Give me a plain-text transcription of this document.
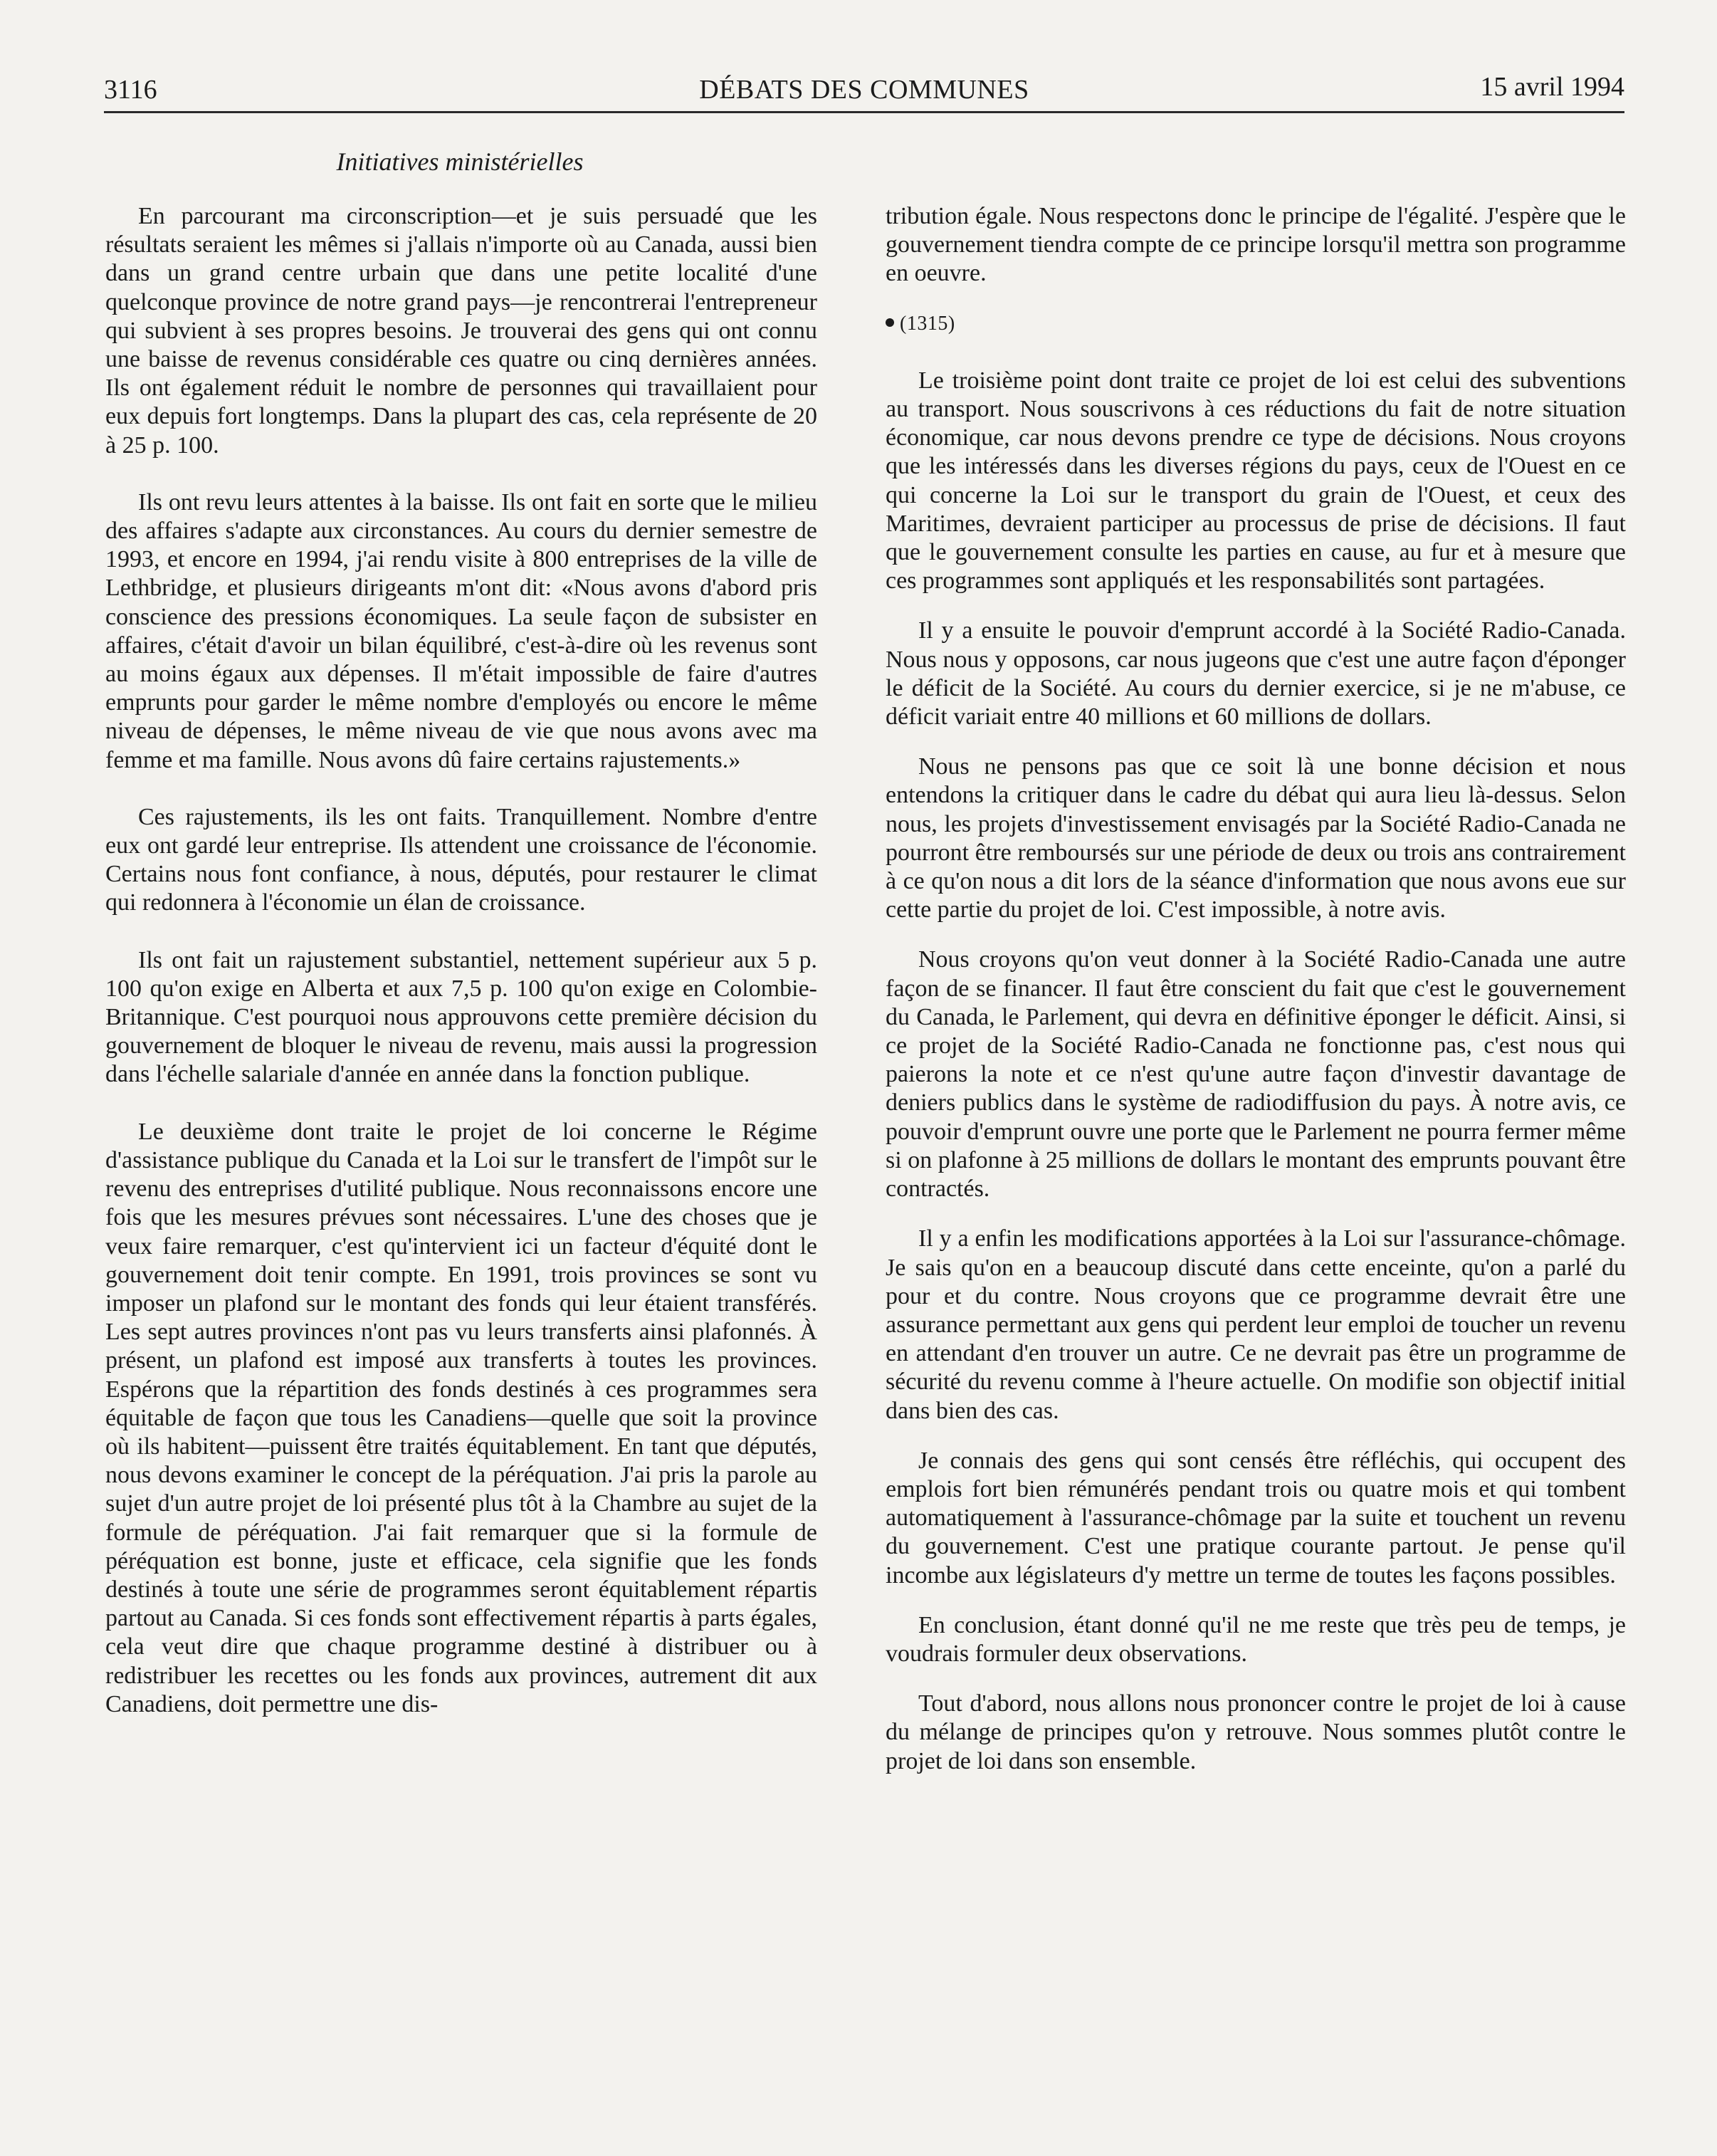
3116	DÉBATS DES COMMUNES	15 avril 1994
Initiatives ministérielles

En parcourant ma circonscription—et je suis persuadé que les résultats seraient les mêmes si j'allais n'importe où au Canada, aussi bien dans un grand centre urbain que dans une petite localité d'une quelconque province de notre grand pays—je rencontrerai l'entrepreneur qui subvient à ses propres besoins. Je trouverai des gens qui ont connu une baisse de revenus considérable ces quatre ou cinq dernières années. Ils ont également réduit le nombre de personnes qui travaillaient pour eux depuis fort longtemps. Dans la plupart des cas, cela représente de 20 à 25 p. 100.

Ils ont revu leurs attentes à la baisse. Ils ont fait en sorte que le milieu des affaires s'adapte aux circonstances. Au cours du dernier semestre de 1993, et encore en 1994, j'ai rendu visite à 800 entreprises de la ville de Lethbridge, et plusieurs dirigeants m'ont dit: «Nous avons d'abord pris conscience des pressions économiques. La seule façon de subsister en affaires, c'était d'avoir un bilan équilibré, c'est-à-dire où les revenus sont au moins égaux aux dépenses. Il m'était impossible de faire d'autres emprunts pour garder le même nombre d'employés ou encore le même niveau de dépenses, le même niveau de vie que nous avons avec ma femme et ma famille. Nous avons dû faire certains rajustements.»

Ces rajustements, ils les ont faits. Tranquillement. Nombre d'entre eux ont gardé leur entreprise. Ils attendent une croissance de l'économie. Certains nous font confiance, à nous, députés, pour restaurer le climat qui redonnera à l'économie un élan de croissance.

Ils ont fait un rajustement substantiel, nettement supérieur aux 5 p. 100 qu'on exige en Alberta et aux 7,5 p. 100 qu'on exige en Colombie-Britannique. C'est pourquoi nous approuvons cette première décision du gouvernement de bloquer le niveau de revenu, mais aussi la progression dans l'échelle salariale d'année en année dans la fonction publique.

Le deuxième dont traite le projet de loi concerne le Régime d'assistance publique du Canada et la Loi sur le transfert de l'impôt sur le revenu des entreprises d'utilité publique. Nous reconnaissons encore une fois que les mesures prévues sont nécessaires. L'une des choses que je veux faire remarquer, c'est qu'intervient ici un facteur d'équité dont le gouvernement doit tenir compte. En 1991, trois provinces se sont vu imposer un plafond sur le montant des fonds qui leur étaient transférés. Les sept autres provinces n'ont pas vu leurs transferts ainsi plafonnés. À présent, un plafond est imposé aux transferts à toutes les provinces. Espérons que la répartition des fonds destinés à ces programmes sera équitable de façon que tous les Canadiens—quelle que soit la province où ils habitent—puissent être traités équitablement. En tant que députés, nous devons examiner le concept de la péréquation. J'ai pris la parole au sujet d'un autre projet de loi présenté plus tôt à la Chambre au sujet de la formule de péréquation. J'ai fait remarquer que si la formule de péréquation est bonne, juste et efficace, cela signifie que les fonds destinés à toute une série de programmes seront équitablement répartis partout au Canada. Si ces fonds sont effectivement répartis à parts égales, cela veut dire que chaque programme destiné à distribuer ou à redistribuer les recettes ou les fonds aux provinces, autrement dit aux Canadiens, doit permettre une dis-

tribution égale. Nous respectons donc le principe de l'égalité. J'espère que le gouvernement tiendra compte de ce principe lorsqu'il mettra son programme en oeuvre.

(1315)

Le troisième point dont traite ce projet de loi est celui des subventions au transport. Nous souscrivons à ces réductions du fait de notre situation économique, car nous devons prendre ce type de décisions. Nous croyons que les intéressés dans les diverses régions du pays, ceux de l'Ouest en ce qui concerne la Loi sur le transport du grain de l'Ouest, et ceux des Maritimes, devraient participer au processus de prise de décisions. Il faut que le gouvernement consulte les parties en cause, au fur et à mesure que ces programmes sont appliqués et les responsabilités sont partagées.

Il y a ensuite le pouvoir d'emprunt accordé à la Société Radio-Canada. Nous nous y opposons, car nous jugeons que c'est une autre façon d'éponger le déficit de la Société. Au cours du dernier exercice, si je ne m'abuse, ce déficit variait entre 40 millions et 60 millions de dollars.

Nous ne pensons pas que ce soit là une bonne décision et nous entendons la critiquer dans le cadre du débat qui aura lieu là-dessus. Selon nous, les projets d'investissement envisagés par la Société Radio-Canada ne pourront être remboursés sur une période de deux ou trois ans contrairement à ce qu'on nous a dit lors de la séance d'information que nous avons eue sur cette partie du projet de loi. C'est impossible, à notre avis.

Nous croyons qu'on veut donner à la Société Radio-Canada une autre façon de se financer. Il faut être conscient du fait que c'est le gouvernement du Canada, le Parlement, qui devra en définitive éponger le déficit. Ainsi, si ce projet de la Société Radio-Canada ne fonctionne pas, c'est nous qui paierons la note et ce n'est qu'une autre façon d'investir davantage de deniers publics dans le système de radiodiffusion du pays. À notre avis, ce pouvoir d'emprunt ouvre une porte que le Parlement ne pourra fermer même si on plafonne à 25 millions de dollars le montant des emprunts pouvant être contractés.

Il y a enfin les modifications apportées à la Loi sur l'assurance-chômage. Je sais qu'on en a beaucoup discuté dans cette enceinte, qu'on a parlé du pour et du contre. Nous croyons que ce programme devrait être une assurance permettant aux gens qui perdent leur emploi de toucher un revenu en attendant d'en trouver un autre. Ce ne devrait pas être un programme de sécurité du revenu comme à l'heure actuelle. On modifie son objectif initial dans bien des cas.

Je connais des gens qui sont censés être réfléchis, qui occupent des emplois fort bien rémunérés pendant trois ou quatre mois et qui tombent automatiquement à l'assurance-chômage par la suite et touchent un revenu du gouvernement. C'est une pratique courante partout. Je pense qu'il incombe aux législateurs d'y mettre un terme de toutes les façons possibles.

En conclusion, étant donné qu'il ne me reste que très peu de temps, je voudrais formuler deux observations.

Tout d'abord, nous allons nous prononcer contre le projet de loi à cause du mélange de principes qu'on y retrouve. Nous sommes plutôt contre le projet de loi dans son ensemble.
